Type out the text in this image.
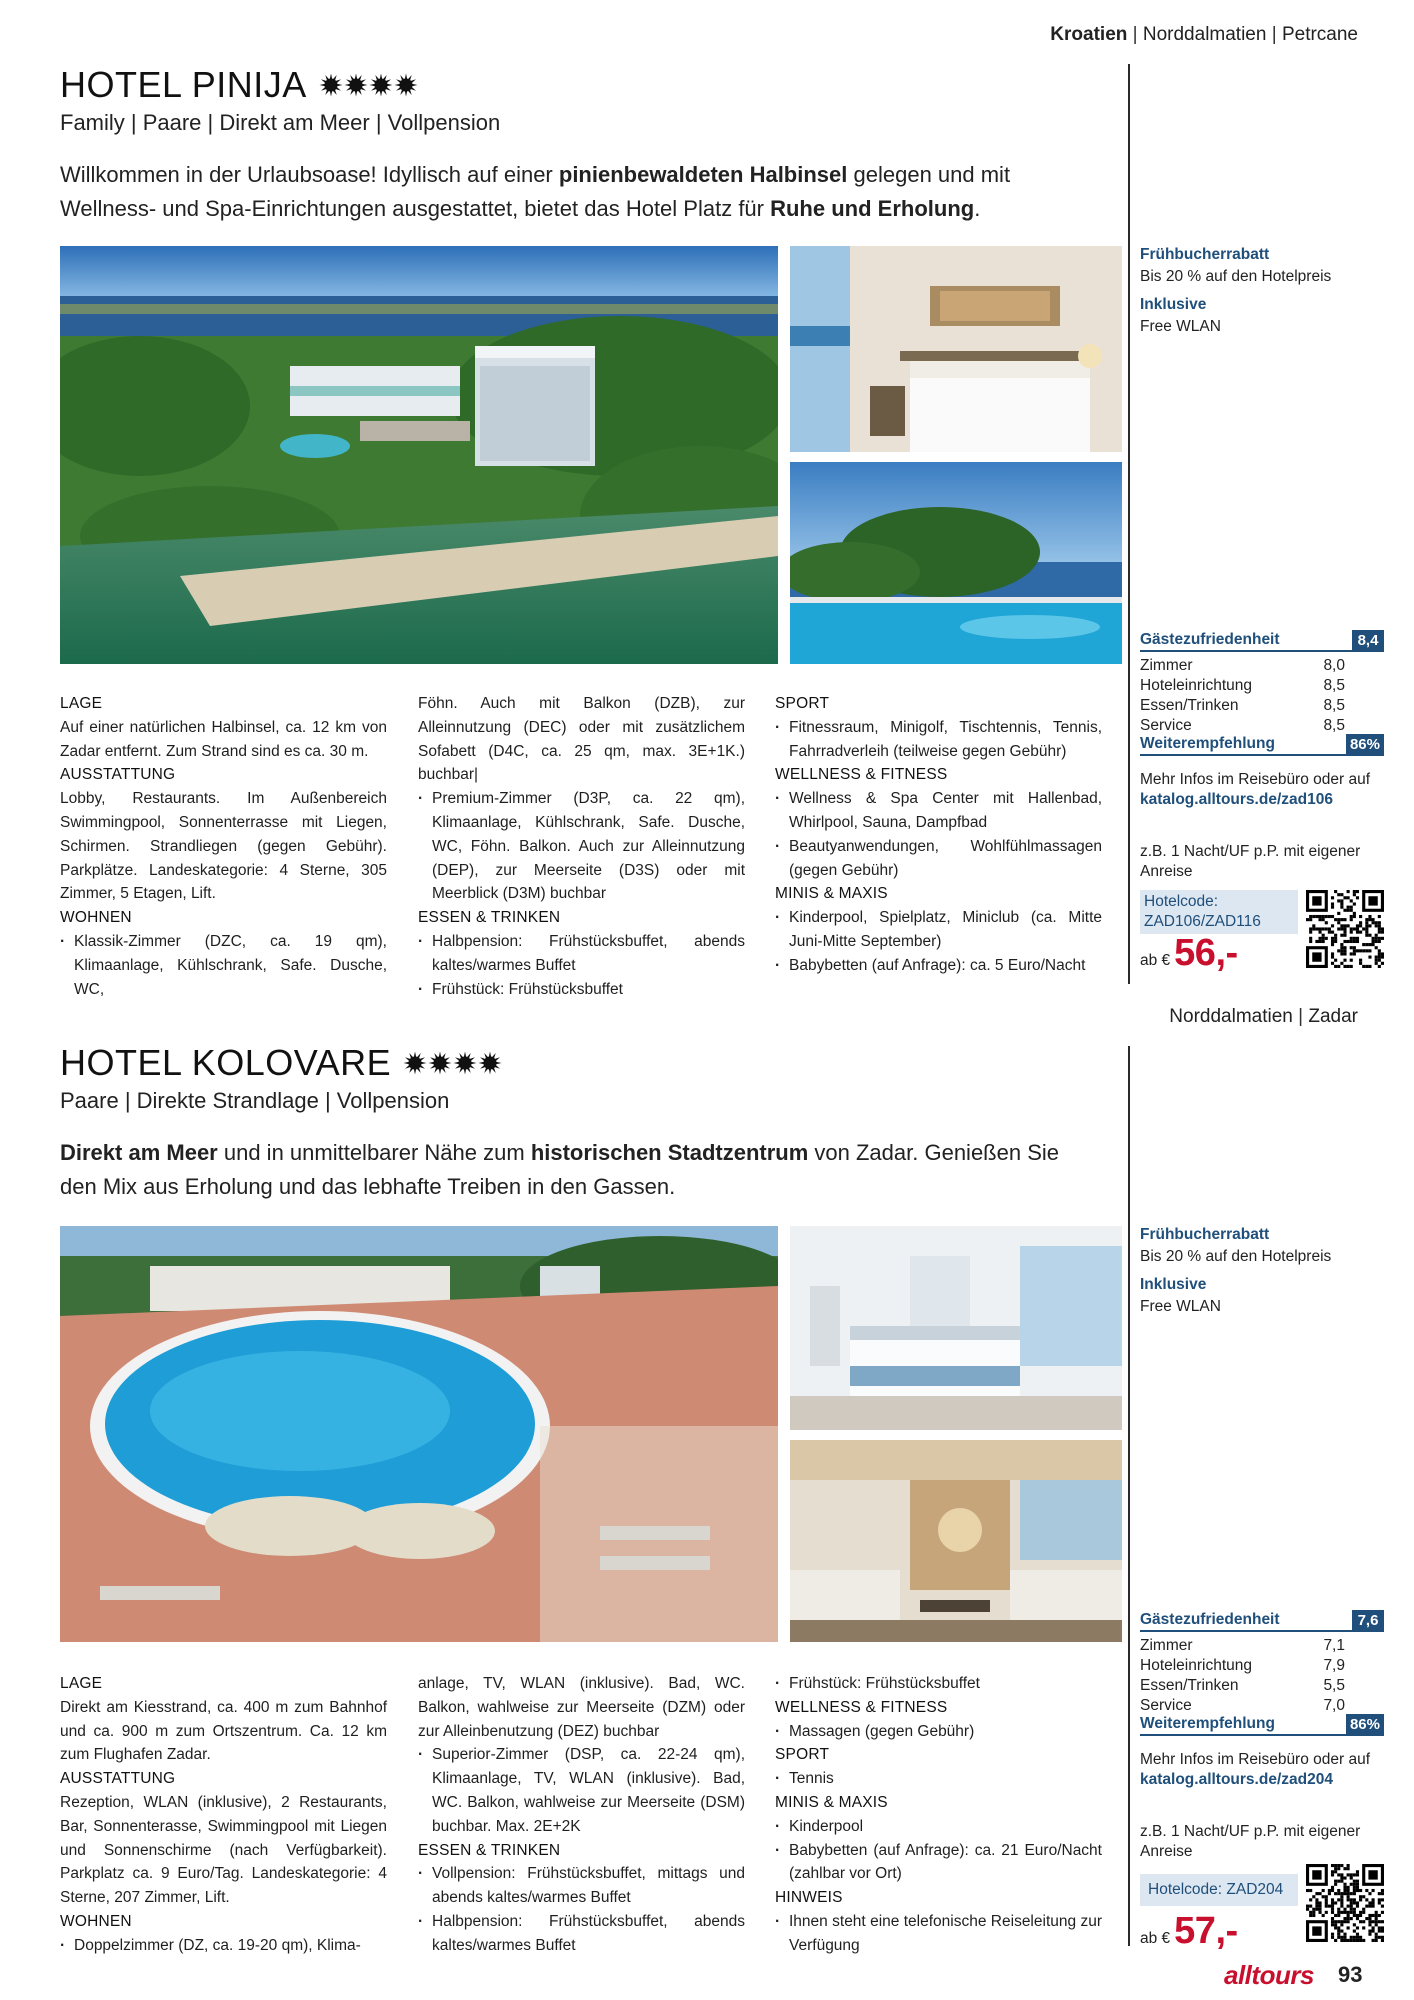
Kroatien | Norddalmatien | Petrcane
HOTEL PINIJA
Family | Paare | Direkt am Meer | Vollpension
Willkommen in der Urlaubsoase! Idyllisch auf einer pinienbewaldeten Halbinsel gelegen und mit Wellness- und Spa-Einrichtungen ausgestattet, bietet das Hotel Platz für Ruhe und Erholung.
LAGE

Auf einer natürlichen Halbinsel, ca. 12 km von Zadar entfernt. Zum Strand sind es ca. 30 m.

AUSSTATTUNG

Lobby, Restaurants. Im Außenbereich Swimmingpool, Sonnenterrasse mit Liegen, Schirmen. Strandliegen (gegen Gebühr). Parkplätze. Landeskategorie: 4 Sterne, 305 Zimmer, 5 Etagen, Lift.

WOHNEN

· Klassik-Zimmer (DZC, ca. 19 qm), Klimaanlage, Kühlschrank, Safe. Dusche, WC,

Föhn. Auch mit Balkon (DZB), zur Alleinnutzung (DEC) oder mit zusätzlichem Sofabett (D4C, ca. 25 qm, max. 3E+1K.) buchbar|

· Premium-Zimmer (D3P, ca. 22 qm), Klimaanlage, Kühlschrank, Safe. Dusche, WC, Föhn. Balkon. Auch zur Alleinnutzung (DEP), zur Meerseite (D3S) oder mit Meerblick (D3M) buchbar

ESSEN & TRINKEN

· Halbpension: Frühstücksbuffet, abends kaltes/warmes Buffet

· Frühstück: Frühstücksbuffet

SPORT

· Fitnessraum, Minigolf, Tischtennis, Tennis, Fahrradverleih (teilweise gegen Gebühr)

WELLNESS & FITNESS

· Wellness & Spa Center mit Hallenbad, Whirlpool, Sauna, Dampfbad

· Beautyanwendungen, Wohlfühlmassagen (gegen Gebühr)

MINIS & MAXIS

· Kinderpool, Spielplatz, Miniclub (ca. Mitte Juni-Mitte September)

· Babybetten (auf Anfrage): ca. 5 Euro/Nacht

Frühbucherrabatt
Bis 20 % auf den Hotelpreis
Inklusive
Free WLAN
Gästezufriedenheit	8,4
Zimmer	8,0
Hoteleinrichtung	8,5
Essen/Trinken	8,5
Service	8,5
Weiterempfehlung	86%
Mehr Infos im Reisebüro oder auf
katalog.alltours.de/zad106
z.B. 1 Nacht/UF p.P. mit eigener Anreise
Hotelcode:
ZAD106/ZAD116
ab € 56,-
Norddalmatien | Zadar
HOTEL KOLOVARE
Paare | Direkte Strandlage | Vollpension
Direkt am Meer und in unmittelbarer Nähe zum historischen Stadtzentrum von Zadar. Genießen Sie den Mix aus Erholung und das lebhafte Treiben in den Gassen.
LAGE

Direkt am Kiesstrand, ca. 400 m zum Bahnhof und ca. 900 m zum Ortszentrum. Ca. 12 km zum Flughafen Zadar.

AUSSTATTUNG

Rezeption, WLAN (inklusive), 2 Restaurants, Bar, Sonnenterasse, Swimmingpool mit Liegen und Sonnenschirme (nach Verfügbarkeit). Parkplatz ca. 9 Euro/Tag. Landeskategorie: 4 Sterne, 207 Zimmer, Lift.

WOHNEN

· Doppelzimmer (DZ, ca. 19-20 qm), Klima-

anlage, TV, WLAN (inklusive). Bad, WC. Balkon, wahlweise zur Meerseite (DZM) oder zur Alleinbenutzung (DEZ) buchbar

· Superior-Zimmer (DSP, ca. 22-24 qm), Klimaanlage, TV, WLAN (inklusive). Bad, WC. Balkon, wahlweise zur Meerseite (DSM) buchbar. Max. 2E+2K

ESSEN & TRINKEN

· Vollpension: Frühstücksbuffet, mittags und abends kaltes/warmes Buffet

· Halbpension: Frühstücksbuffet, abends kaltes/warmes Buffet

· Frühstück: Frühstücksbuffet

WELLNESS & FITNESS

· Massagen (gegen Gebühr)

SPORT

· Tennis

MINIS & MAXIS

· Kinderpool

· Babybetten (auf Anfrage): ca. 21 Euro/Nacht (zahlbar vor Ort)

HINWEIS

· Ihnen steht eine telefonische Reiseleitung zur Verfügung

Frühbucherrabatt
Bis 20 % auf den Hotelpreis
Inklusive
Free WLAN
Gästezufriedenheit	7,6
Zimmer	7,1
Hoteleinrichtung	7,9
Essen/Trinken	5,5
Service	7,0
Weiterempfehlung	86%
Mehr Infos im Reisebüro oder auf
katalog.alltours.de/zad204
z.B. 1 Nacht/UF p.P. mit eigener Anreise
Hotelcode: ZAD204
ab € 57,-
alltours 93
